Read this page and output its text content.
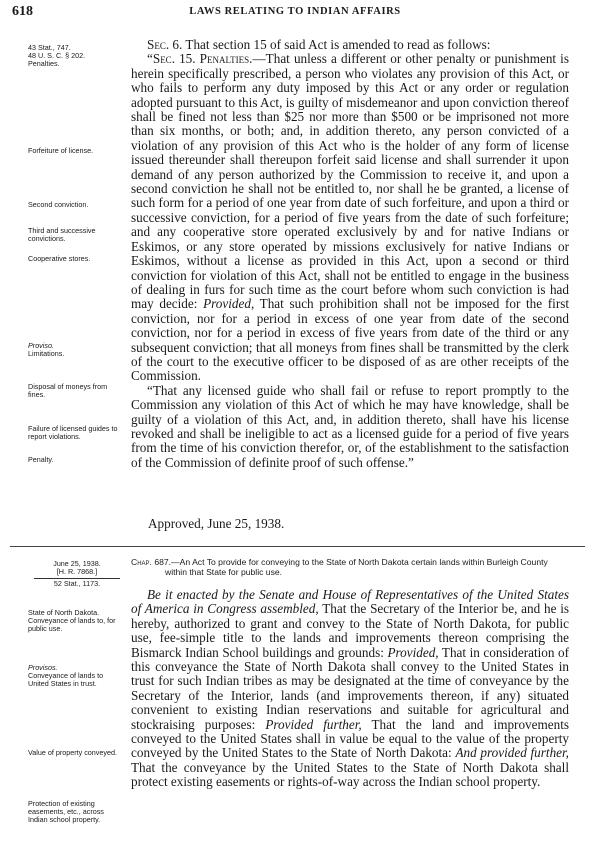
618	LAWS RELATING TO INDIAN AFFAIRS
43 Stat., 747.
48 U. S. C. § 202.
Penalties.
Forfeiture of license.
Second conviction.
Third and successive convictions.
Cooperative stores.
Proviso.
Limitations.
Disposal of moneys from fines.
Failure of licensed guides to report violations.
Penalty.

Sec. 6. That section 15 of said Act is amended to read as follows:

“Sec. 15. Penalties.—That unless a different or other penalty or punishment is herein specifically prescribed, a person who violates any provision of this Act, or who fails to perform any duty imposed by this Act or any order or regulation adopted pursuant to this Act, is guilty of misdemeanor and upon conviction thereof shall be fined not less than $25 nor more than $500 or be imprisoned not more than six months, or both; and, in addition thereto, any person convicted of a violation of any provision of this Act who is the holder of any form of license issued thereunder shall thereupon forfeit said license and shall surrender it upon demand of any person authorized by the Commission to receive it, and upon a second conviction he shall not be entitled to, nor shall he be granted, a license of such form for a period of one year from date of such forfeiture, and upon a third or successive conviction, for a period of five years from the date of such forfeiture; and any cooperative store operated exclusively by and for native Indians or Eskimos, or any store operated by missions exclusively for native Indians or Eskimos, without a license as provided in this Act, upon a second or third conviction for violation of this Act, shall not be entitled to engage in the business of dealing in furs for such time as the court before whom such conviction is had may decide: Provided, That such prohibition shall not be imposed for the first conviction, nor for a period in excess of one year from date of the second conviction, nor for a period in excess of five years from date of the third or any subsequent conviction; that all moneys from fines shall be transmitted by the clerk of the court to the executive officer to be disposed of as are other receipts of the Commission.

“That any licensed guide who shall fail or refuse to report promptly to the Commission any violation of this Act of which he may have knowledge, shall be guilty of a violation of this Act, and, in addition thereto, shall have his license revoked and shall be ineligible to act as a licensed guide for a period of five years from the time of his conviction therefor, or, of the establishment to the satisfaction of the Commission of definite proof of such offense.”

Approved, June 25, 1938.
June 25, 1938.
[H. R. 7868.]
52 Stat., 1173.
Chap. 687.—An Act To provide for conveying to the State of North Dakota certain lands within Burleigh County within that State for public use.
State of North Dakota.
Conveyance of lands to, for public use.
Provisos.
Conveyance of lands to United States in trust.
Value of property conveyed.
Protection of existing easements, etc., across Indian school property.

Be it enacted by the Senate and House of Representatives of the United States of America in Congress assembled, That the Secretary of the Interior be, and he is hereby, authorized to grant and convey to the State of North Dakota, for public use, fee-simple title to the lands and improvements thereon comprising the Bismarck Indian School buildings and grounds: Provided, That in consideration of this conveyance the State of North Dakota shall convey to the United States in trust for such Indian tribes as may be designated at the time of conveyance by the Secretary of the Interior, lands (and improvements thereon, if any) situated convenient to existing Indian reservations and suitable for agricultural and stockraising purposes: Provided further, That the land and improvements conveyed to the United States shall in value be equal to the value of the property conveyed by the United States to the State of North Dakota: And provided further, That the conveyance by the United States to the State of North Dakota shall protect existing easements or rights-of-way across the Indian school property.
